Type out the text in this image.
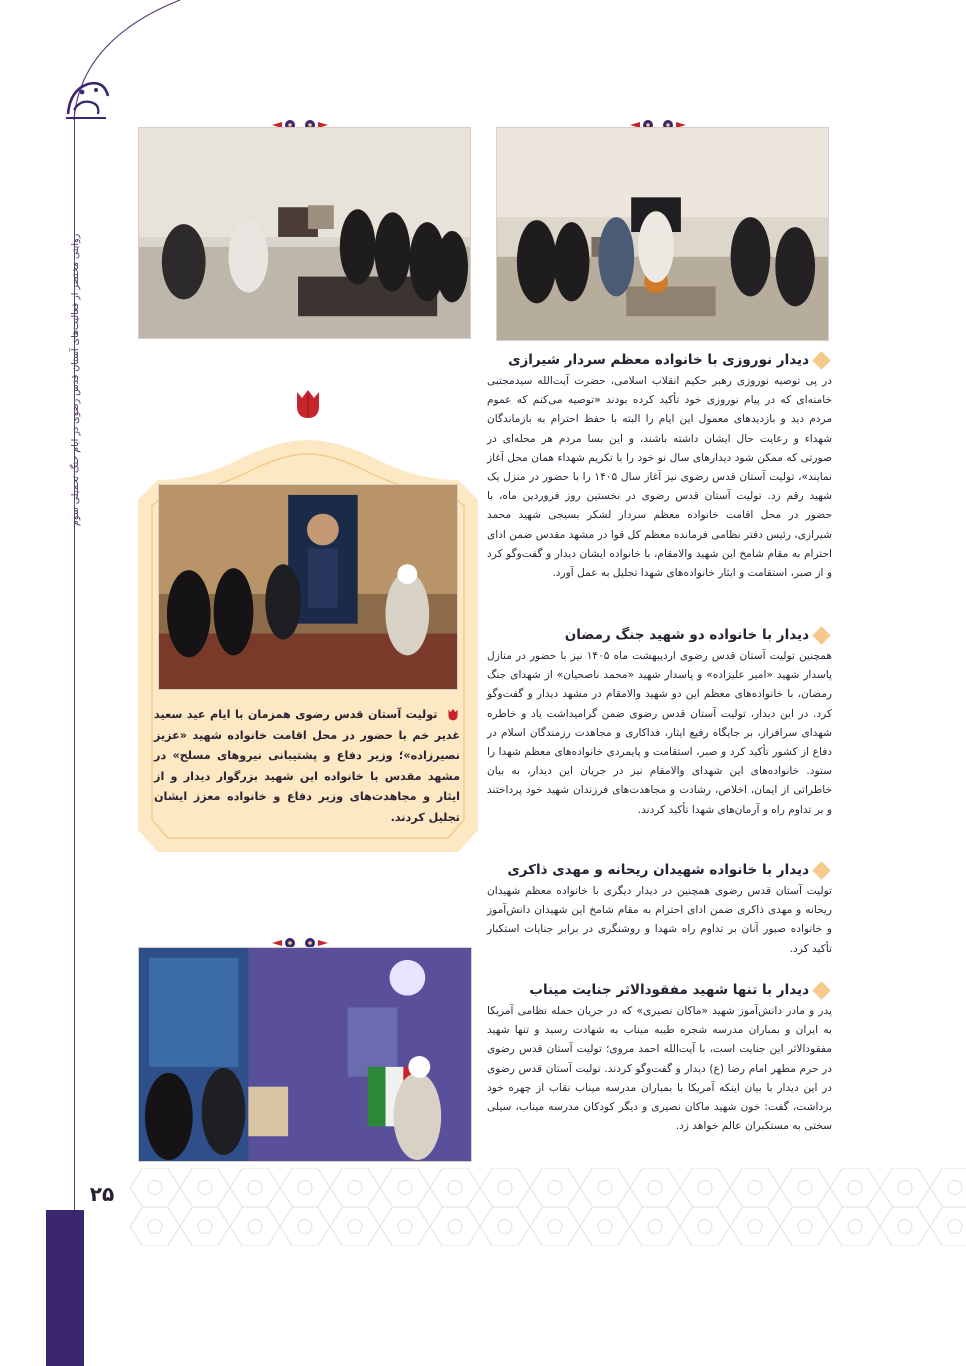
روایتی مختصر از فعالیت‌های آستان قدس رضوی در ایام جنگ تحمیلی سوم
۲۵
دیدار نوروزی با خانواده معظم سردار شیرازی
در پی توصیه نوروزی رهبر حکیم انقلاب اسلامی، حضرت آیت‌الله سیدمجتبی خامنه‌ای که در پیام نوروزی خود تأکید کرده بودند «توصیه می‌کنم که عموم مردم دید و بازدیدهای معمول این ایام را البته با حفظ احترام به بازماندگان شهداء و رعایت حال ایشان داشته باشند، و این بسا مردم هر محله‌ای در صورتی که ممکن شود دیدارهای سال نو خود را با تکریم شهداء همان محل آغاز نمایند»، تولیت آستان قدس رضوی نیز آغاز سال ۱۴۰۵ را با حضور در منزل یک شهید رقم زد. تولیت آستان قدس رضوی در نخستین روز فروردین ماه، با حضور در محل اقامت خانواده معظم سردار لشکر بسیجی شهید محمد شیرازی، رئیس دفتر نظامی فرمانده معظم کل قوا در مشهد مقدس ضمن ادای احترام به مقام شامخ این شهید والامقام، با خانواده ایشان دیدار و گفت‌وگو کرد و از صبر، استقامت و ایثار خانواده‌های شهدا تجلیل به عمل آورد.
دیدار با خانواده دو شهید جنگ رمضان
همچنین تولیت آستان قدس رضوی اردیبهشت ماه ۱۴۰۵ نیز با حضور در منازل پاسدار شهید «امیر علیزاده» و پاسدار شهید «محمد ناصحیان» از شهدای جنگ رمضان، با خانواده‌های معظم این دو شهید والامقام در مشهد دیدار و گفت‌وگو کرد. در این دیدار، تولیت آستان قدس رضوی ضمن گرامیداشت یاد و خاطره شهدای سرافراز، بر جایگاه رفیع ایثار، فداکاری و مجاهدت رزمندگان اسلام در دفاع از کشور تأکید کرد و صبر، استقامت و پایمردی خانواده‌های معظم شهدا را ستود. خانواده‌های این شهدای والامقام نیز در جریان این دیدار، به بیان خاطراتی از ایمان، اخلاص، رشادت و مجاهدت‌های فرزندان شهید خود پرداختند و بر تداوم راه و آرمان‌های شهدا تأکید کردند.
دیدار با خانواده شهیدان ریحانه و مهدی ذاکری
تولیت آستان قدس رضوی همچنین در دیدار دیگری با خانواده معظم شهیدان ریحانه و مهدی ذاکری ضمن ادای احترام به مقام شامخ این شهیدان دانش‌آموز و خانواده صبور آنان بر تداوم راه شهدا و روشنگری در برابر جنایات استکبار تأکید کرد.
دیدار با تنها شهید مفقودالاثر جنایت میناب
پدر و مادر دانش‌آموز شهید «ماکان نصیری» که در جریان حمله نظامی آمریکا به ایران و بمباران مدرسه شجره طیبه میناب به شهادت رسید و تنها شهید مفقودالاثر این جنایت است، با آیت‌الله احمد مروی؛ تولیت آستان قدس رضوی در حرم مطهر امام رضا (ع) دیدار و گفت‌وگو کردند. تولیت آستان قدس رضوی در این دیدار با بیان اینکه آمریکا با بمباران مدرسه میناب نقاب از چهره خود برداشت، گفت: خون شهید ماکان نصیری و دیگر کودکان مدرسه میناب، سیلی سختی به مستکبران عالم خواهد زد.
تولیت آستان قدس رضوی همزمان با ایام عید سعید غدیر خم با حضور در محل اقامت خانواده شهید «عزیز نصیرزاده»؛ وزیر دفاع و پشتیبانی نیروهای مسلح» در مشهد مقدس با خانواده این شهید بزرگوار دیدار و از ایثار و مجاهدت‌های وزیر دفاع و خانواده معزز ایشان تجلیل کردند.
